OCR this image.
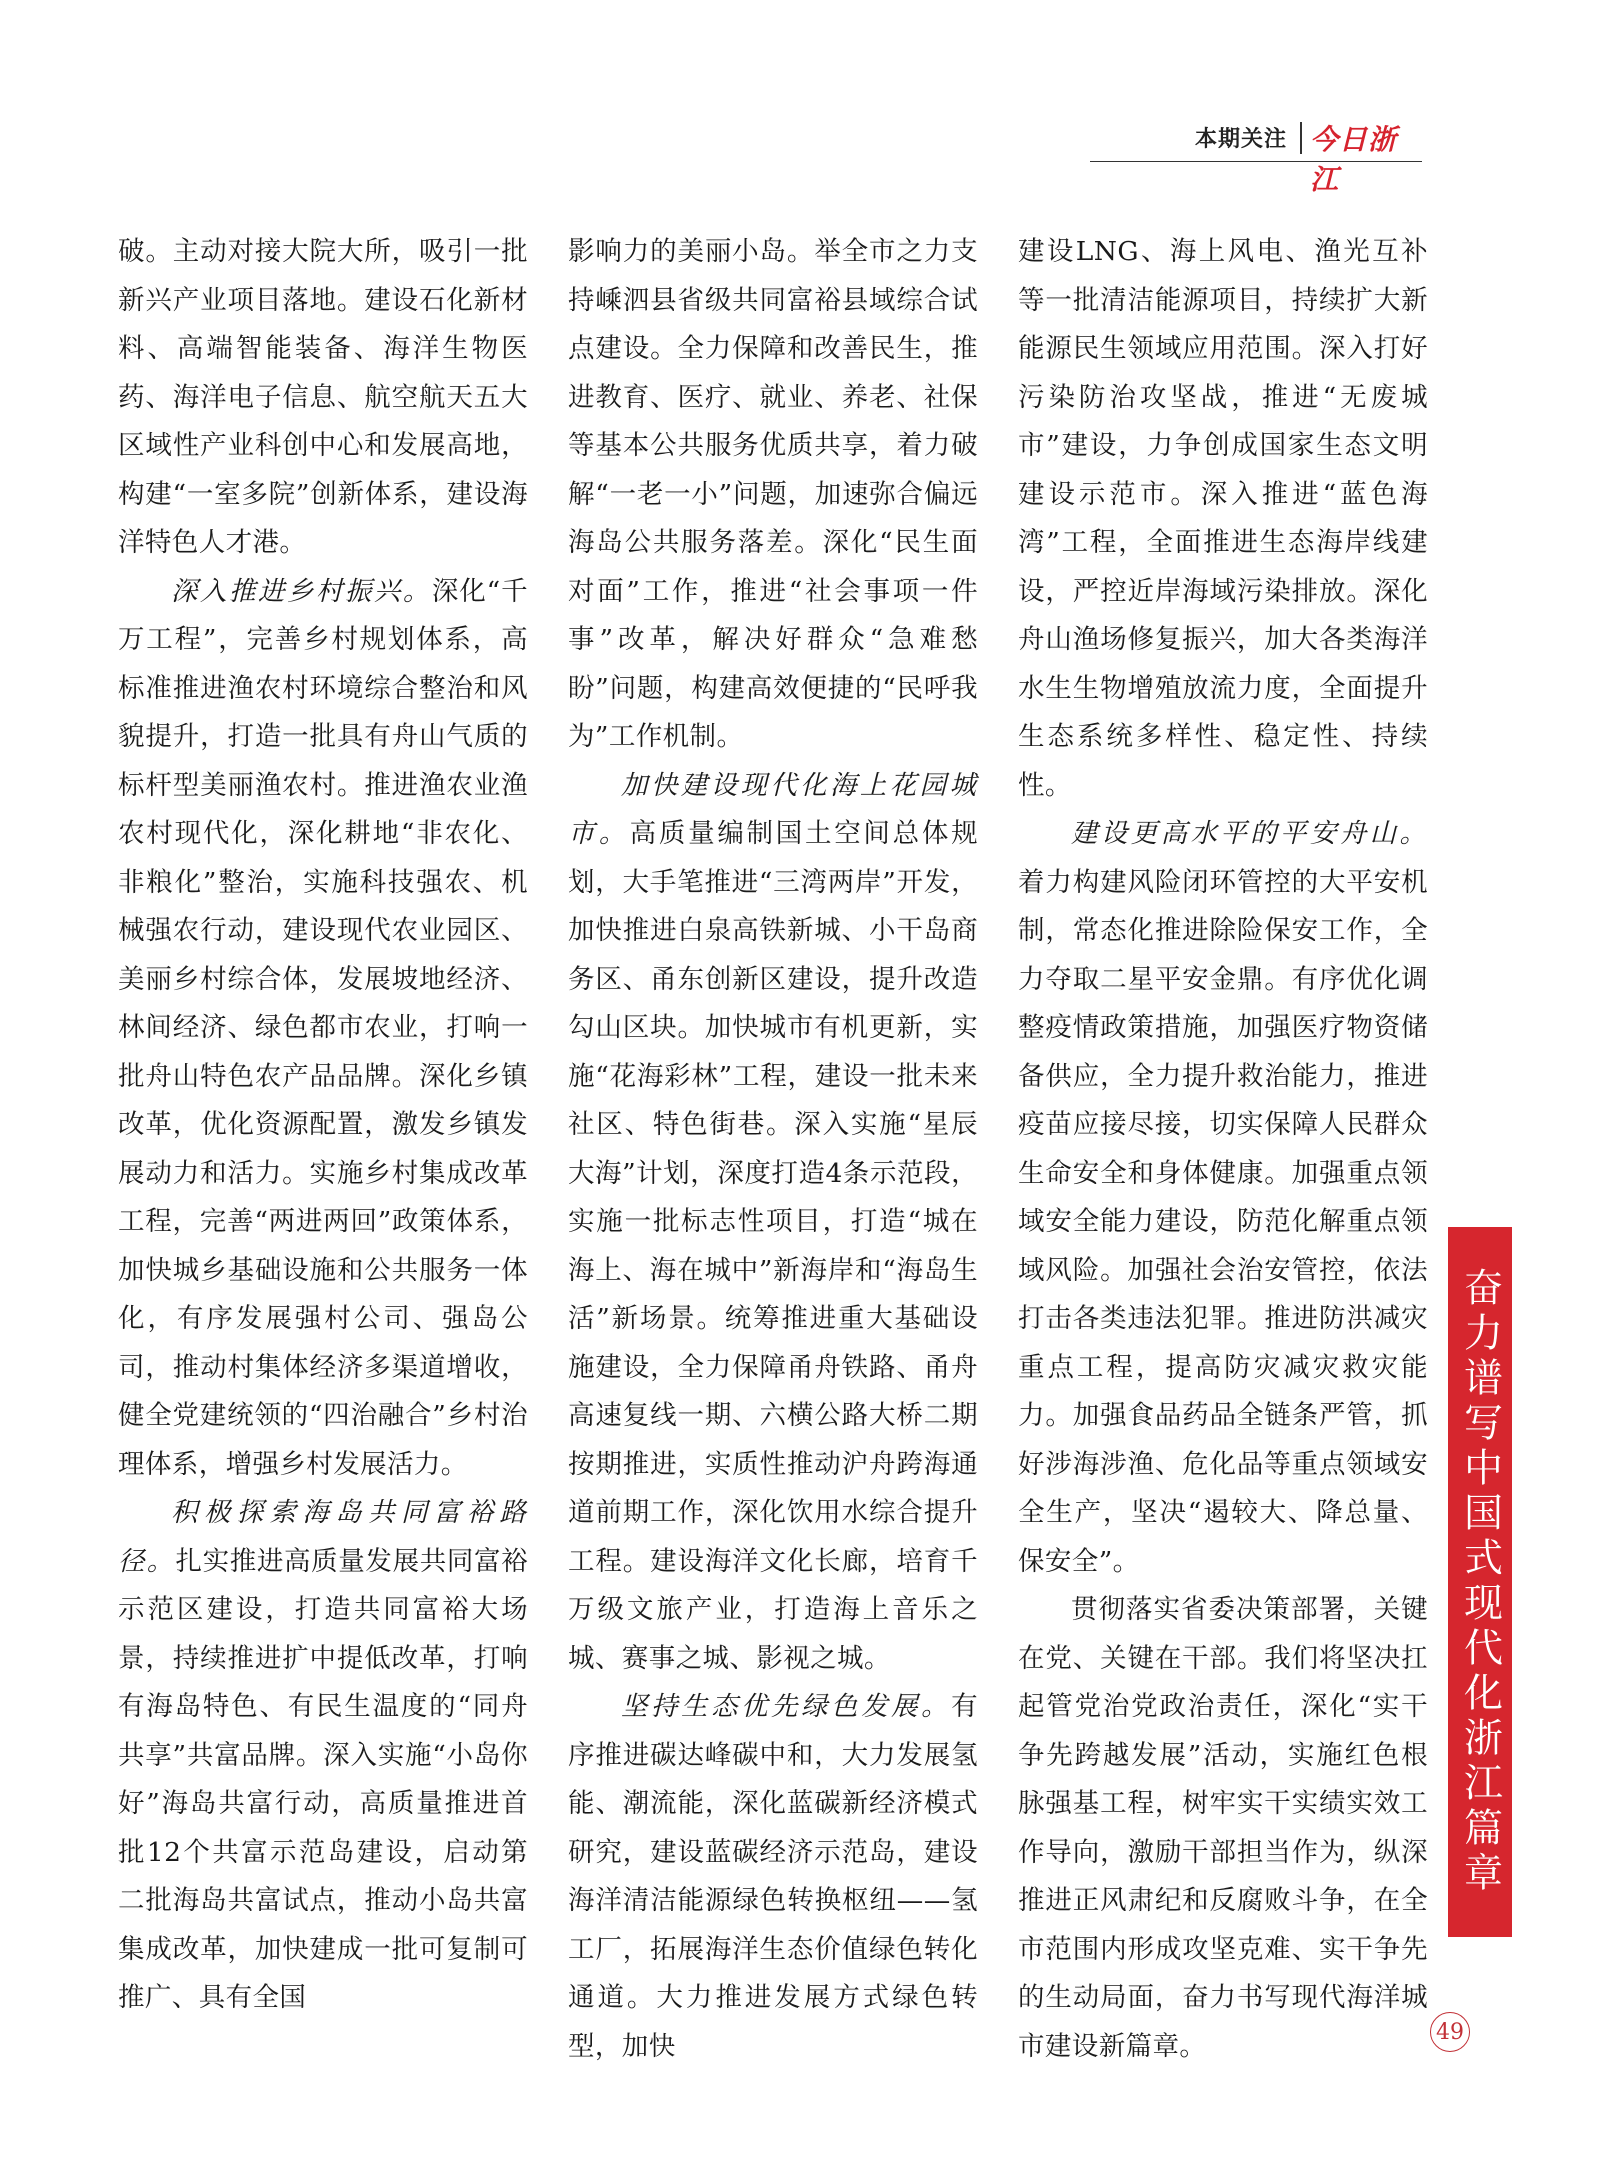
本期关注 今日浙江

破。主动对接大院大所，吸引一批新兴产业项目落地。建设石化新材料、高端智能装备、海洋生物医药、海洋电子信息、航空航天五大区域性产业科创中心和发展高地，构建“一室多院”创新体系，建设海洋特色人才港。

深入推进乡村振兴。深化“千万工程”，完善乡村规划体系，高标准推进渔农村环境综合整治和风貌提升，打造一批具有舟山气质的标杆型美丽渔农村。推进渔农业渔农村现代化，深化耕地“非农化、非粮化”整治，实施科技强农、机械强农行动，建设现代农业园区、美丽乡村综合体，发展坡地经济、林间经济、绿色都市农业，打响一批舟山特色农产品品牌。深化乡镇改革，优化资源配置，激发乡镇发展动力和活力。实施乡村集成改革工程，完善“两进两回”政策体系，加快城乡基础设施和公共服务一体化，有序发展强村公司、强岛公司，推动村集体经济多渠道增收，健全党建统领的“四治融合”乡村治理体系，增强乡村发展活力。

积极探索海岛共同富裕路径。扎实推进高质量发展共同富裕示范区建设，打造共同富裕大场景，持续推进扩中提低改革，打响有海岛特色、有民生温度的“同舟共享”共富品牌。深入实施“小岛你好”海岛共富行动，高质量推进首批12个共富示范岛建设，启动第二批海岛共富试点，推动小岛共富集成改革，加快建成一批可复制可推广、具有全国

影响力的美丽小岛。举全市之力支持嵊泗县省级共同富裕县域综合试点建设。全力保障和改善民生，推进教育、医疗、就业、养老、社保等基本公共服务优质共享，着力破解“一老一小”问题，加速弥合偏远海岛公共服务落差。深化“民生面对面”工作，推进“社会事项一件事”改革，解决好群众“急难愁盼”问题，构建高效便捷的“民呼我为”工作机制。

加快建设现代化海上花园城市。高质量编制国土空间总体规划，大手笔推进“三湾两岸”开发，加快推进白泉高铁新城、小干岛商务区、甬东创新区建设，提升改造勾山区块。加快城市有机更新，实施“花海彩林”工程，建设一批未来社区、特色街巷。深入实施“星辰大海”计划，深度打造4条示范段，实施一批标志性项目，打造“城在海上、海在城中”新海岸和“海岛生活”新场景。统筹推进重大基础设施建设，全力保障甬舟铁路、甬舟高速复线一期、六横公路大桥二期按期推进，实质性推动沪舟跨海通道前期工作，深化饮用水综合提升工程。建设海洋文化长廊，培育千万级文旅产业，打造海上音乐之城、赛事之城、影视之城。

坚持生态优先绿色发展。有序推进碳达峰碳中和，大力发展氢能、潮流能，深化蓝碳新经济模式研究，建设蓝碳经济示范岛，建设海洋清洁能源绿色转换枢纽——氢工厂，拓展海洋生态价值绿色转化通道。大力推进发展方式绿色转型，加快

建设LNG、海上风电、渔光互补等一批清洁能源项目，持续扩大新能源民生领域应用范围。深入打好污染防治攻坚战，推进“无废城市”建设，力争创成国家生态文明建设示范市。深入推进“蓝色海湾”工程，全面推进生态海岸线建设，严控近岸海域污染排放。深化舟山渔场修复振兴，加大各类海洋水生生物增殖放流力度，全面提升生态系统多样性、稳定性、持续性。

建设更高水平的平安舟山。着力构建风险闭环管控的大平安机制，常态化推进除险保安工作，全力夺取二星平安金鼎。有序优化调整疫情政策措施，加强医疗物资储备供应，全力提升救治能力，推进疫苗应接尽接，切实保障人民群众生命安全和身体健康。加强重点领域安全能力建设，防范化解重点领域风险。加强社会治安管控，依法打击各类违法犯罪。推进防洪减灾重点工程，提高防灾减灾救灾能力。加强食品药品全链条严管，抓好涉海涉渔、危化品等重点领域安全生产，坚决“遏较大、降总量、保安全”。

贯彻落实省委决策部署，关键在党、关键在干部。我们将坚决扛起管党治党政治责任，深化“实干争先跨越发展”活动，实施红色根脉强基工程，树牢实干实绩实效工作导向，激励干部担当作为，纵深推进正风肃纪和反腐败斗争，在全市范围内形成攻坚克难、实干争先的生动局面，奋力书写现代海洋城市建设新篇章。

奋力谱写中国式现代化浙江篇章
49
